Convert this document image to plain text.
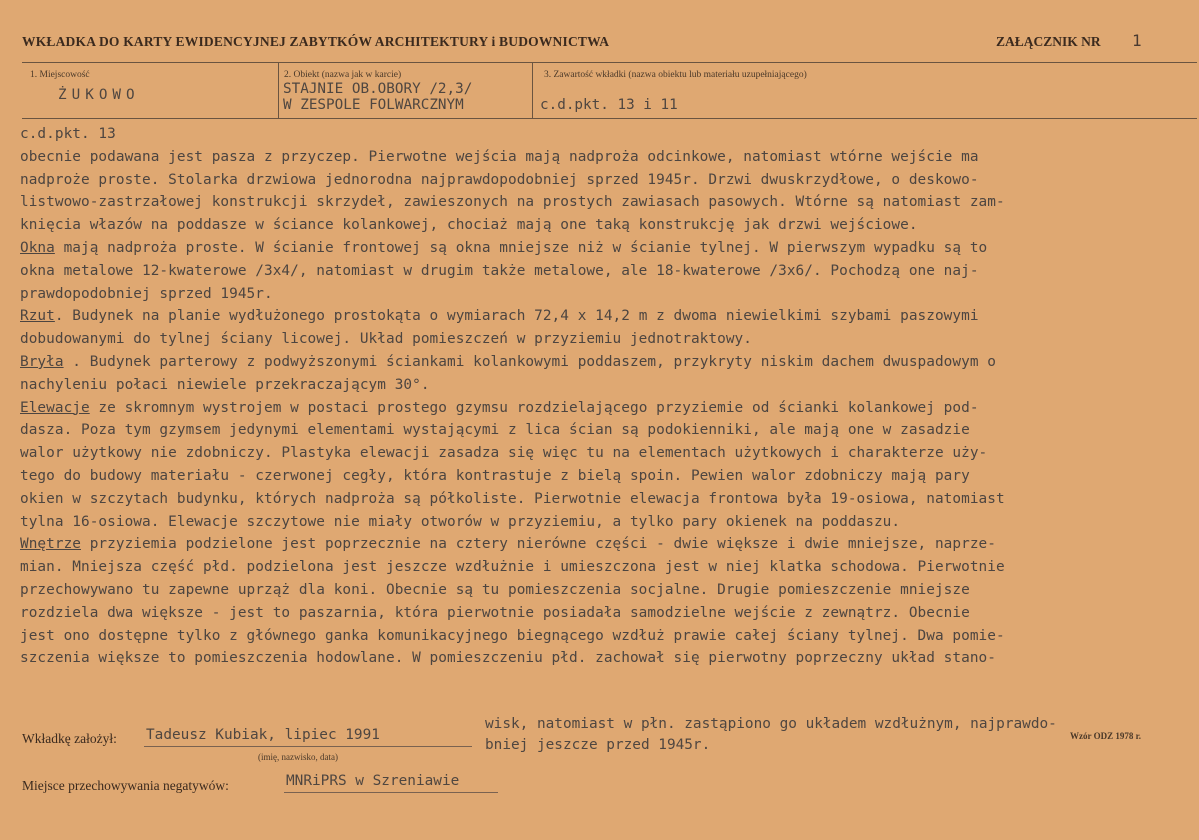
WKŁADKA DO KARTY EWIDENCYJNEJ ZABYTKÓW ARCHITEKTURY i BUDOWNICTWA	ZAŁĄCZNIK NR 1
1. Miejscowość
ŻUKOWO
2. Obiekt (nazwa jak w karcie)
STAJNIE OB.OBORY /2,3/
W ZESPOLE FOLWARCZNYM
3. Zawartość wkładki (nazwa obiektu lub materiału uzupełniającego)
c.d.pkt. 13 i 11
c.d.pkt. 13
obecnie podawana jest pasza z przyczep. Pierwotne wejścia mają nadproża odcinkowe, natomiast wtórne wejście ma
nadproże proste. Stolarka drzwiowa jednorodna najprawdopodobniej sprzed 1945r. Drzwi dwuskrzydłowe, o deskowo-
listwowo-zastrzałowej konstrukcji skrzydeł, zawieszonych na prostych zawiasach pasowych. Wtórne są natomiast zam-
knięcia włazów na poddasze w ściance kolankowej, chociaż mają one taką konstrukcję jak drzwi wejściowe.
Okna mają nadproża proste. W ścianie frontowej są okna mniejsze niż w ścianie tylnej. W pierwszym wypadku są to
okna metalowe 12-kwaterowe /3x4/, natomiast w drugim także metalowe, ale 18-kwaterowe /3x6/. Pochodzą one naj-
prawdopodobniej sprzed 1945r.
Rzut. Budynek na planie wydłużonego prostokąta o wymiarach 72,4 x 14,2 m z dwoma niewielkimi szybami paszowymi
dobudowanymi do tylnej ściany licowej. Układ pomieszczeń w przyziemiu jednotraktowy.
Bryła . Budynek parterowy z podwyższonymi ściankami kolankowymi poddaszem, przykryty niskim dachem dwuspadowym o
nachyleniu połaci niewiele przekraczającym 30°.
Elewacje ze skromnym wystrojem w postaci prostego gzymsu rozdzielającego przyziemie od ścianki kolankowej pod-
dasza. Poza tym gzymsem jedynymi elementami wystającymi z lica ścian są podokienniki, ale mają one w zasadzie
walor użytkowy nie zdobniczy. Plastyka elewacji zasadza się więc tu na elementach użytkowych i charakterze uży-
tego do budowy materiału - czerwonej cegły, która kontrastuje z bielą spoin. Pewien walor zdobniczy mają pary
okien w szczytach budynku, których nadproża są półkoliste. Pierwotnie elewacja frontowa była 19-osiowa, natomiast
tylna 16-osiowa. Elewacje szczytowe nie miały otworów w przyziemiu, a tylko pary okienek na poddaszu.
Wnętrze przyziemia podzielone jest poprzecznie na cztery nierówne części - dwie większe i dwie mniejsze, naprze-
mian. Mniejsza część płd. podzielona jest jeszcze wzdłużnie i umieszczona jest w niej klatka schodowa. Pierwotnie
przechowywano tu zapewne uprząż dla koni. Obecnie są tu pomieszczenia socjalne. Drugie pomieszczenie mniejsze
rozdziela dwa większe - jest to paszarnia, która pierwotnie posiadała samodzielne wejście z zewnątrz. Obecnie
jest ono dostępne tylko z głównego ganka komunikacyjnego biegnącego wzdłuż prawie całej ściany tylnej. Dwa pomie-
szczenia większe to pomieszczenia hodowlane. W pomieszczeniu płd. zachował się pierwotny poprzeczny układ stano-
wisk, natomiast w płn. zastąpiono go układem wzdłużnym, najprawdo-
bniej jeszcze przed 1945r.
Wkładkę założył: Tadeusz Kubiak, lipiec 1991
(imię, nazwisko, data)
Wzór ODZ 1978 r.
Miejsce przechowywania negatywów:	MNRiPRS w Szreniawie
